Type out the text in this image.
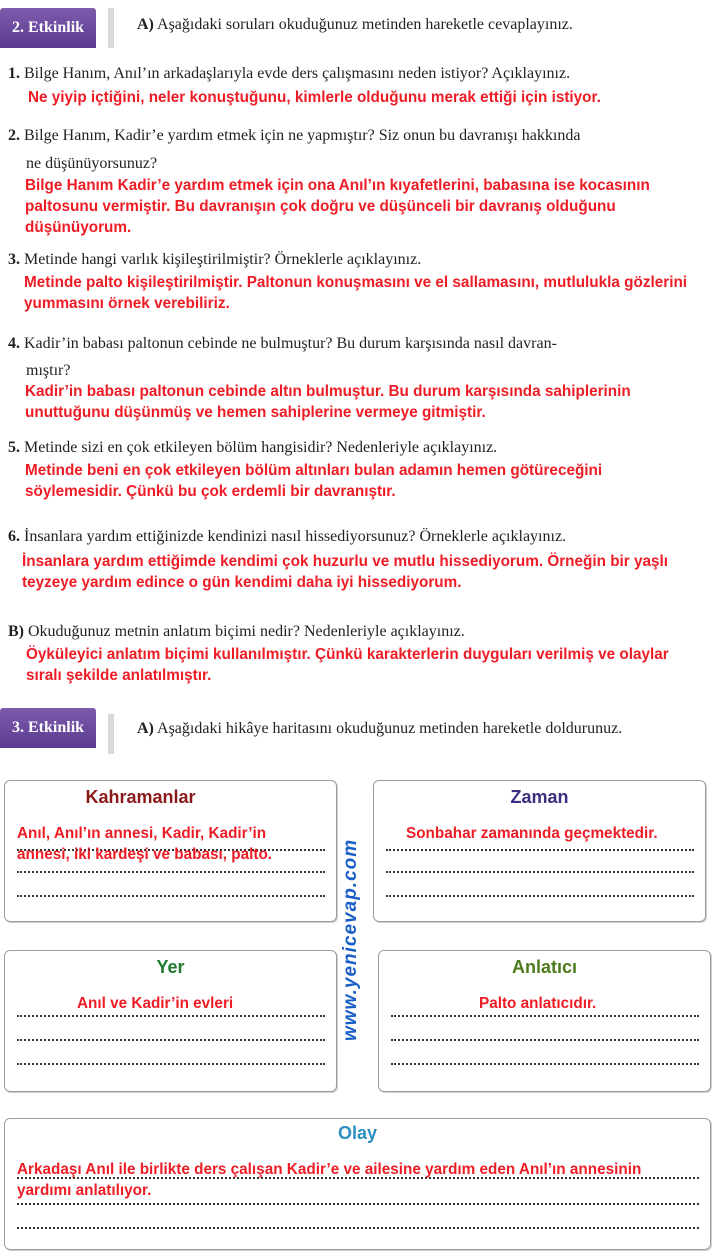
2. Etkinlik	A) Aşağıdaki soruları okuduğunuz metinden hareketle cevaplayınız.
1. Bilge Hanım, Anıl’ın arkadaşlarıyla evde ders çalışmasını neden istiyor? Açıklayınız.
Ne yiyip içtiğini, neler konuştuğunu, kimlerle olduğunu merak ettiği için istiyor.
2. Bilge Hanım, Kadir’e yardım etmek için ne yapmıştır? Siz onun bu davranışı hakkında
ne düşünüyorsunuz?
Bilge Hanım Kadir’e yardım etmek için ona Anıl’ın kıyafetlerini, babasına ise kocasının paltosunu vermiştir. Bu davranışın çok doğru ve düşünceli bir davranış olduğunu düşünüyorum.
3. Metinde hangi varlık kişileştirilmiştir? Örneklerle açıklayınız.
Metinde palto kişileştirilmiştir. Paltonun konuşmasını ve el sallamasını, mutlulukla gözlerini yummasını örnek verebiliriz.
4. Kadir’in babası paltonun cebinde ne bulmuştur? Bu durum karşısında nasıl davran-
mıştır?
Kadir’in babası paltonun cebinde altın bulmuştur. Bu durum karşısında sahiplerinin unuttuğunu düşünmüş ve hemen sahiplerine vermeye gitmiştir.
5. Metinde sizi en çok etkileyen bölüm hangisidir? Nedenleriyle açıklayınız.
Metinde beni en çok etkileyen bölüm altınları bulan adamın hemen götüreceğini söylemesidir. Çünkü bu çok erdemli bir davranıştır.
6. İnsanlara yardım ettiğinizde kendinizi nasıl hissediyorsunuz? Örneklerle açıklayınız.
İnsanlara yardım ettiğimde kendimi çok huzurlu ve mutlu hissediyorum. Örneğin bir yaşlı teyzeye yardım edince o gün kendimi daha iyi hissediyorum.
B) Okuduğunuz metnin anlatım biçimi nedir? Nedenleriyle açıklayınız.
Öyküleyici anlatım biçimi kullanılmıştır. Çünkü karakterlerin duyguları verilmiş ve olaylar sıralı şekilde anlatılmıştır.
3. Etkinlik	A) Aşağıdaki hikâye haritasını okuduğunuz metinden hareketle doldurunuz.
Kahramanlar
Anıl, Anıl’ın annesi, Kadir, Kadir’in annesi, iki kardeşi ve babası, palto.
Zaman
Sonbahar zamanında geçmektedir.
Yer
Anıl ve Kadir’in evleri
Anlatıcı
Palto anlatıcıdır.
Olay
Arkadaşı Anıl ile birlikte ders çalışan Kadir’e ve ailesine yardım eden Anıl’ın annesinin yardımı anlatılıyor.
www.yenicevap.com
